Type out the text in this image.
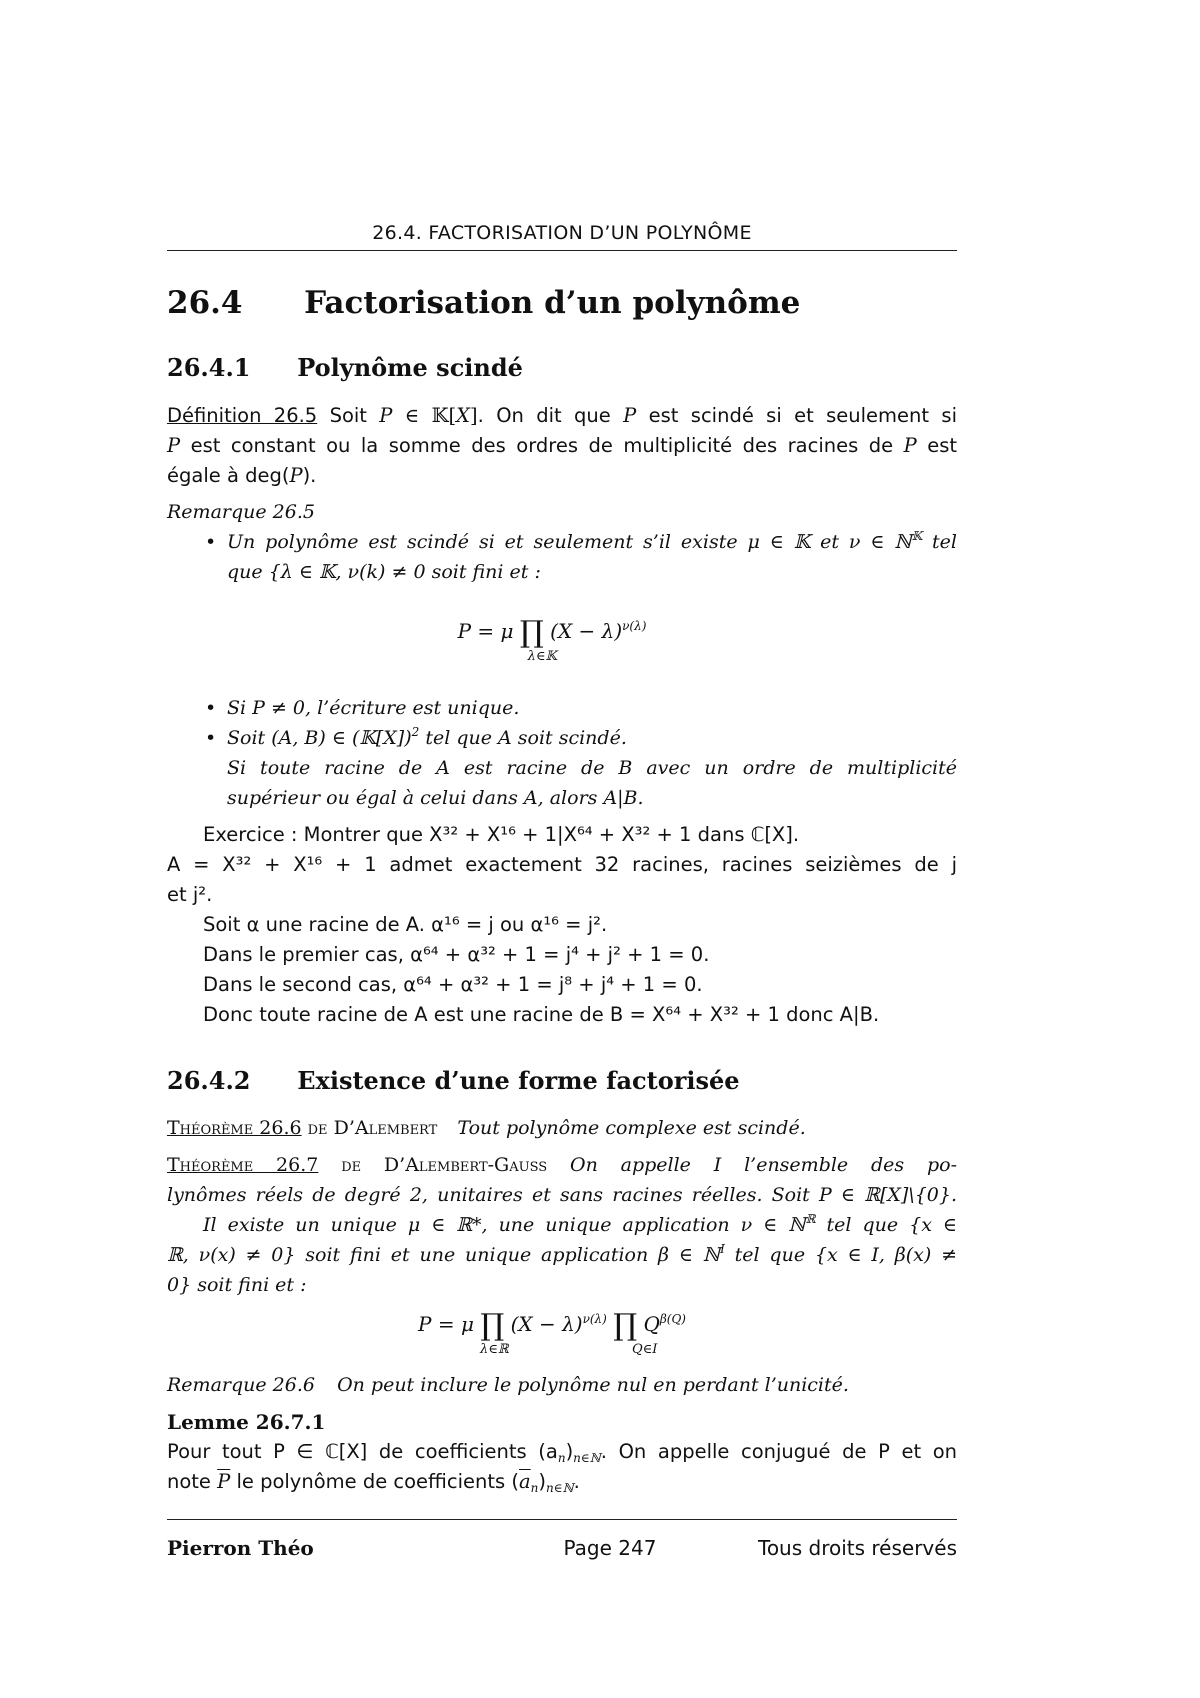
26.4. FACTORISATION D’UN POLYNÔME
26.4 Factorisation d’un polynôme
26.4.1 Polynôme scindé
Définition 26.5 Soit P ∈ 𝕂[X]. On dit que P est scindé si et seulement si
P est constant ou la somme des ordres de multiplicité des racines de P est
égale à deg(P).
Remarque 26.5
• Un polynôme est scindé si et seulement s’il existe μ ∈ 𝕂 et ν ∈ ℕ$^𝕂$ tel
que {λ ∈ 𝕂, ν(k) ≠ 0 soit fini et :
P = μ ∏ $(X - \lambda)^{\nu(\lambda)}$
λ∈𝕂
• Si P ≠ 0, l’écriture est unique.
• Soit (A, B) ∈ (𝕂[X])$^2$ tel que A soit scindé.
Si toute racine de A est racine de B avec un ordre de multiplicité
supérieur ou égal à celui dans A, alors A|B.
Exercice : Montrer que X³² + X¹⁶ + 1|X⁶⁴ + X³² + 1 dans ℂ[X].
A = X³² + X¹⁶ + 1 admet exactement 32 racines, racines seizièmes de j
et j².
Soit α une racine de A. α¹⁶ = j ou α¹⁶ = j².
Dans le premier cas, α⁶⁴ + α³² + 1 = j⁴ + j² + 1 = 0.
Dans le second cas, α⁶⁴ + α³² + 1 = j⁸ + j⁴ + 1 = 0.
Donc toute racine de A est une racine de B = X⁶⁴ + X³² + 1 donc A|B.
26.4.2 Existence d’une forme factorisée
Théorème 26.6 de D’Alembert Tout polynôme complexe est scindé.
Théorème 26.7 de D’Alembert-Gauss On appelle I l’ensemble des po-
lynômes réels de degré 2, unitaires et sans racines réelles. Soit P ∈ ℝ[X]\{0}.
Il existe un unique μ ∈ ℝ*, une unique application ν ∈ ℕ$^ℝ$ tel que {x ∈
ℝ, ν(x) ≠ 0} soit fini et une unique application β ∈ ℕ$^I$ tel que {x ∈ I, β(x) ≠
0} soit fini et :
P = μ ∏ $(X - \lambda)^{\nu(\lambda)}$ ∏ $Q^{\beta(Q)}$
λ∈ℝ	Q∈I
Remarque 26.6 On peut inclure le polynôme nul en perdant l’unicité.
Lemme 26.7.1
Pour tout P ∈ ℂ[X] de coefficients $(a_n)_{n\in ℕ}$. On appelle conjugué de P et on
note $\overline{P}$ le polynôme de coefficients $(\overline{a}_n)_{n\in ℕ}$.
Pierron Théo	Page 247	Tous droits réservés
